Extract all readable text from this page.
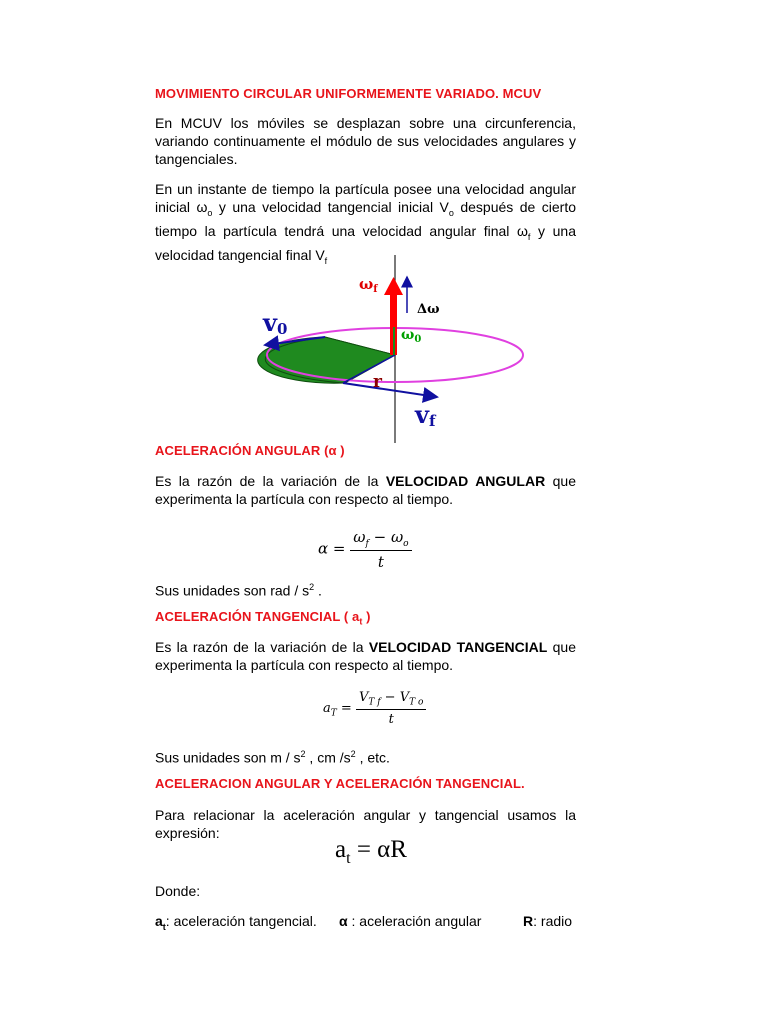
MOVIMIENTO CIRCULAR UNIFORMEMENTE VARIADO. MCUV
En MCUV los móviles se desplazan sobre una circunferencia,
variando continuamente el módulo de sus velocidades angulares y
tangenciales.
En un instante de tiempo la partícula posee una velocidad angular
inicial $\omega_o$ y una velocidad tangencial inicial $V_o$ después de cierto
tiempo la partícula tendrá una velocidad angular final $\omega_f$ y una
velocidad tangencial final $V_f$
ACELERACIÓN ANGULAR (α )
Es la razón de la variación de la VELOCIDAD ANGULAR que
experimenta la partícula con respecto al tiempo.
$\alpha = \frac{\omega_f - \omega_o}{t}$
Sus unidades son rad / $s^2$ .
ACELERACIÓN TANGENCIAL ( $a_t$ )
Es la razón de la variación de la VELOCIDAD TANGENCIAL que
experimenta la partícula con respecto al tiempo.
$a_T = \frac{V_{T f} - V_{T o}}{t}$
Sus unidades son m / $s^2$ , cm $/s^2$ , etc.
ACELERACION ANGULAR Y ACELERACIÓN TANGENCIAL.
Para relacionar la aceleración angular y tangencial usamos la
expresión:
$a_t = \alpha R$
Donde:
$a_t$: aceleración tangencial. α : aceleración angular	R: radio
$\omega_f$
Δω
$\omega_0$
v0
vf
r
